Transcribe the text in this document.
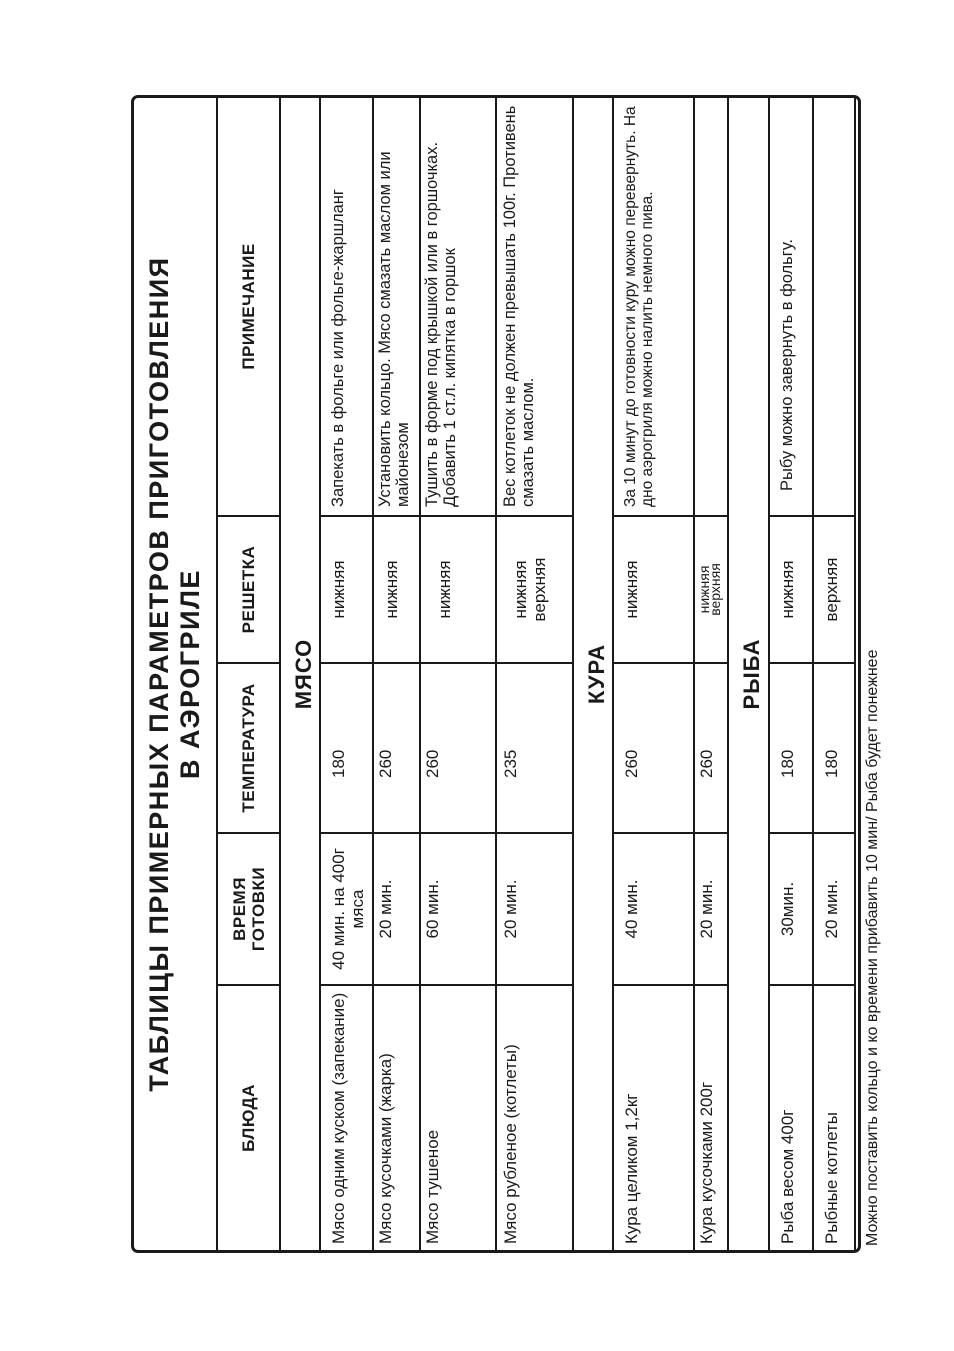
ТАБЛИЦЫ ПРИМЕРНЫХ ПАРАМЕТРОВ ПРИГОТОВЛЕНИЯ В АЭРОГРИЛЕ
БЛЮДА	ВРЕМЯ ГОТОВКИ	ТЕМПЕРАТУРА	РЕШЕТКА	ПРИМЕЧАНИЕ
МЯСО				
Мясо одним куском (запекание)	40 мин. на 400г мяса	180	нижняя	Запекать в фольге или фольге-жаршланг
Мясо кусочками (жарка)	20 мин.	260	нижняя	Установить кольцо. Мясо смазать маслом или майонезом
Мясо тушеное	60 мин.	260	нижняя	Тушить в форме под крышкой или в горшочках. Добавить 1 ст.л. кипятка в горшок
Мясо рубленое (котлеты)	20 мин.	235	нижняя верхняя	Вес котлеток не должен превышать 100г. Противень смазать маслом.
КУРА				
Кура целиком 1,2кг	40 мин.	260	нижняя	За 10 минут до готовности куру можно перевернуть. На дно аэрогриля можно налить немного пива.
Кура кусочками 200г	20 мин.	260	нижняя верхняя	
РЫБА				
Рыба весом 400г	30мин.	180	нижняя	Рыбу можно завернуть в фольгу.
Рыбные котлеты	20 мин.	180	верхняя	
Можно поставить кольцо и ко времени прибавить 10 мин/ Рыба будет понежнее				
